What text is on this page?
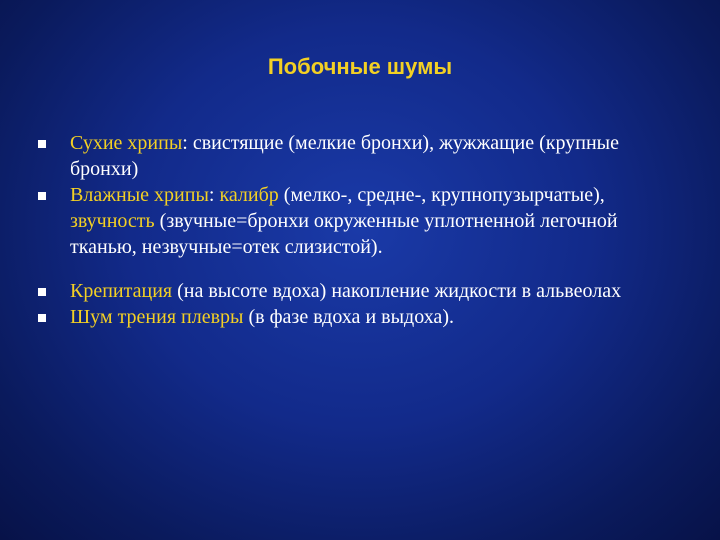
Побочные шумы
Сухие хрипы: свистящие (мелкие бронхи), жужжащие (крупные бронхи)
Влажные хрипы: калибр (мелко-, средне-, крупнопузырчатые), звучность (звучные=бронхи окруженные уплотненной легочной тканью, незвучные=отек слизистой).
Крепитация (на высоте вдоха) накопление жидкости в альвеолах
Шум трения плевры (в фазе вдоха и выдоха).
